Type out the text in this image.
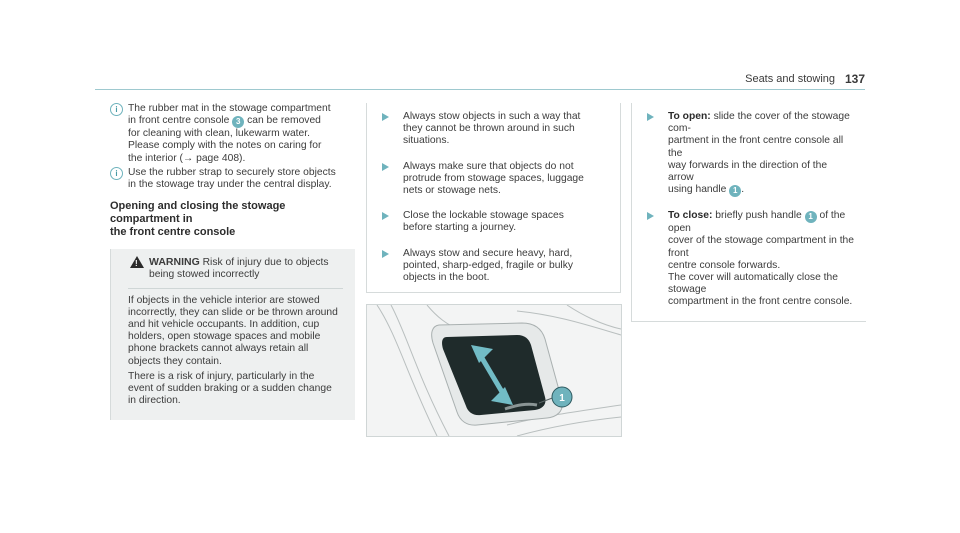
Seats and stowing 137
i	The rubber mat in the stowage compartment
in front centre console 3 can be removed
for cleaning with clean, lukewarm water.
Please comply with the notes on caring for
the interior (→ page 408).
i	Use the rubber strap to securely store objects
in the stowage tray under the central display.
Opening and closing the stowage compartment in
the front centre console
! WARNING Risk of injury due to objects
being stowed incorrectly
If objects in the vehicle interior are stowed
incorrectly, they can slide or be thrown around
and hit vehicle occupants. In addition, cup
holders, open stowage spaces and mobile
phone brackets cannot always retain all
objects they contain.
There is a risk of injury, particularly in the
event of sudden braking or a sudden change
in direction.
Always stow objects in such a way that
they cannot be thrown around in such
situations.
Always make sure that objects do not
protrude from stowage spaces, luggage
nets or stowage nets.
Close the lockable stowage spaces
before starting a journey.
Always stow and secure heavy, hard,
pointed, sharp-edged, fragile or bulky
objects in the boot.
1
To open: slide the cover of the stowage com-
partment in the front centre console all the
way forwards in the direction of the arrow
using handle 1 .
To close: briefly push handle 1 of the open
cover of the stowage compartment in the front
centre console forwards.
The cover will automatically close the stowage
compartment in the front centre console.
